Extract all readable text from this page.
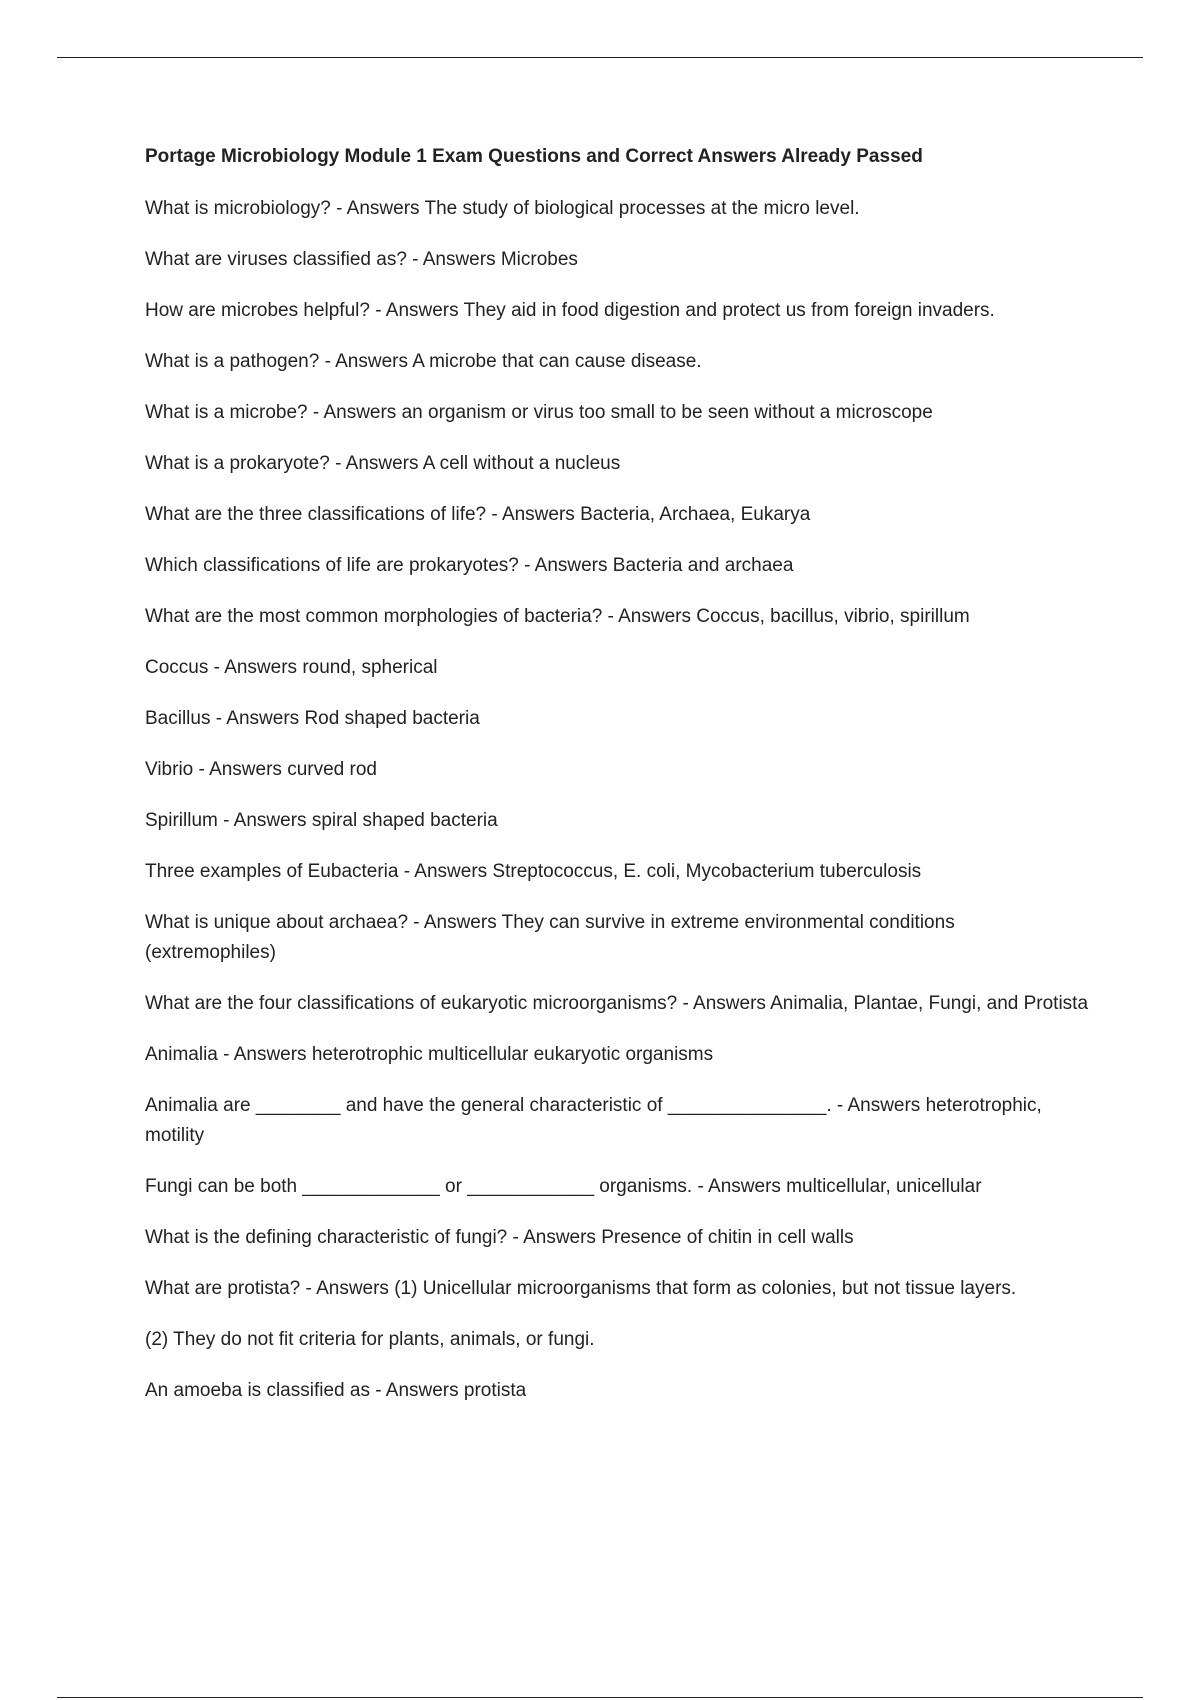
Portage Microbiology Module 1 Exam Questions and Correct Answers Already Passed
What is microbiology? - Answers The study of biological processes at the micro level.
What are viruses classified as? - Answers Microbes
How are microbes helpful? - Answers They aid in food digestion and protect us from foreign invaders.
What is a pathogen? - Answers A microbe that can cause disease.
What is a microbe? - Answers an organism or virus too small to be seen without a microscope
What is a prokaryote? - Answers A cell without a nucleus
What are the three classifications of life? - Answers Bacteria, Archaea, Eukarya
Which classifications of life are prokaryotes? - Answers Bacteria and archaea
What are the most common morphologies of bacteria? - Answers Coccus, bacillus, vibrio, spirillum
Coccus - Answers round, spherical
Bacillus - Answers Rod shaped bacteria
Vibrio - Answers curved rod
Spirillum - Answers spiral shaped bacteria
Three examples of Eubacteria - Answers Streptococcus, E. coli, Mycobacterium tuberculosis
What is unique about archaea? - Answers They can survive in extreme environmental conditions (extremophiles)
What are the four classifications of eukaryotic microorganisms? - Answers Animalia, Plantae, Fungi, and Protista
Animalia - Answers heterotrophic multicellular eukaryotic organisms
Animalia are ________ and have the general characteristic of _______________. - Answers heterotrophic, motility
Fungi can be both _____________ or ____________ organisms. - Answers multicellular, unicellular
What is the defining characteristic of fungi? - Answers Presence of chitin in cell walls
What are protista? - Answers (1) Unicellular microorganisms that form as colonies, but not tissue layers.
(2) They do not fit criteria for plants, animals, or fungi.
An amoeba is classified as - Answers protista
